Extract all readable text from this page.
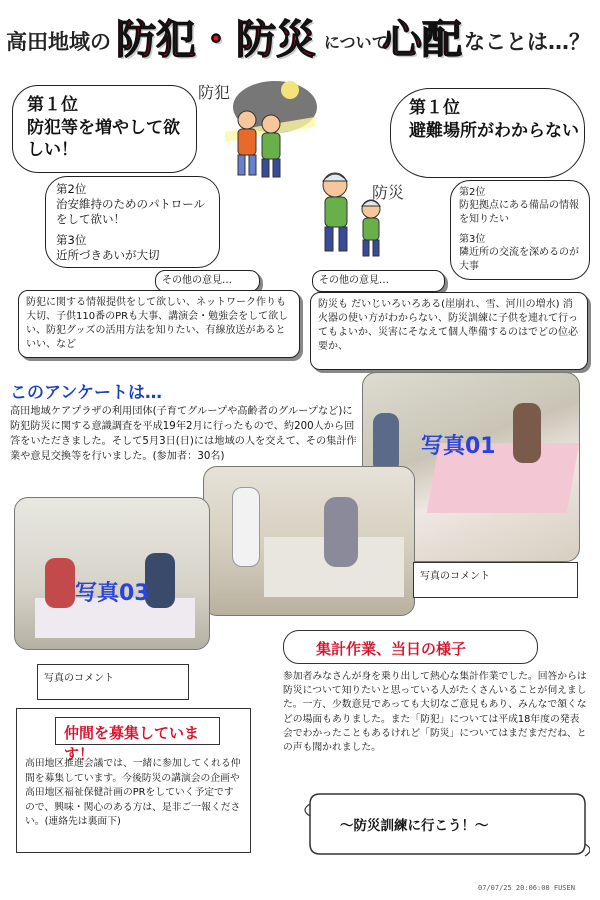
高田地域の 防犯・防災 について
心配 なことは…？
防犯
第１位
防犯等を増やして欲しい！
第2位
治安維持のためのパトロールをして欲い！
第3位
近所づきあいが大切
その他の意見…
防犯に関する情報提供をして欲しい、ネットワーク作りも大切、子供110番のPRも大事、講演会・勉強会をして欲しい、防犯グッズの活用方法を知りたい、有線放送があるといい、など
防災
第１位
避難場所がわからない
第2位
防犯拠点にある備品の情報を知りたい
第3位
隣近所の交流を深めるのが大事
その他の意見…
防災も だいじいろいろある(崖崩れ、雪、河川の増水) 消火器の使い方がわからない、防災訓練に子供を連れて行ってもよいか、災害にそなえて個人準備するのはでどの位必要か、
このアンケートは…
高田地域ケアプラザの利用団体(子育てグループや高齢者のグループなど)に防犯防災に関する意識調査を平成19年2月に行ったもので、約200人から回答をいただきました。そして5月3日(日)には地域の人を交えて、その集計作業や意見交換等を行いました。(参加者：30名)	写真01
写真03
写真のコメント
写真のコメント
集計作業、当日の様子
参加者みなさんが身を乗り出して熱心な集計作業でした。回答からは防災について知りたいと思っている人がたくさんいることが伺えました。一方、少数意見であっても大切なご意見もあり、みんなで頷くなどの場面もありました。また「防犯」については平成18年度の発表会でわかったこともあるけれど「防災」についてはまだまだだね、との声も聞かれました。
仲間を募集しています！
高田地区推進会議では、一緒に参加してくれる仲間を募集しています。今後防災の講演会の企画や高田地区福祉保健計画のPRをしていく予定ですので、興味・関心のある方は、是非ご一報ください。(連絡先は裏面下)	～防災訓練に行こう！～
07/07/25 20:06:08 FUSEN
